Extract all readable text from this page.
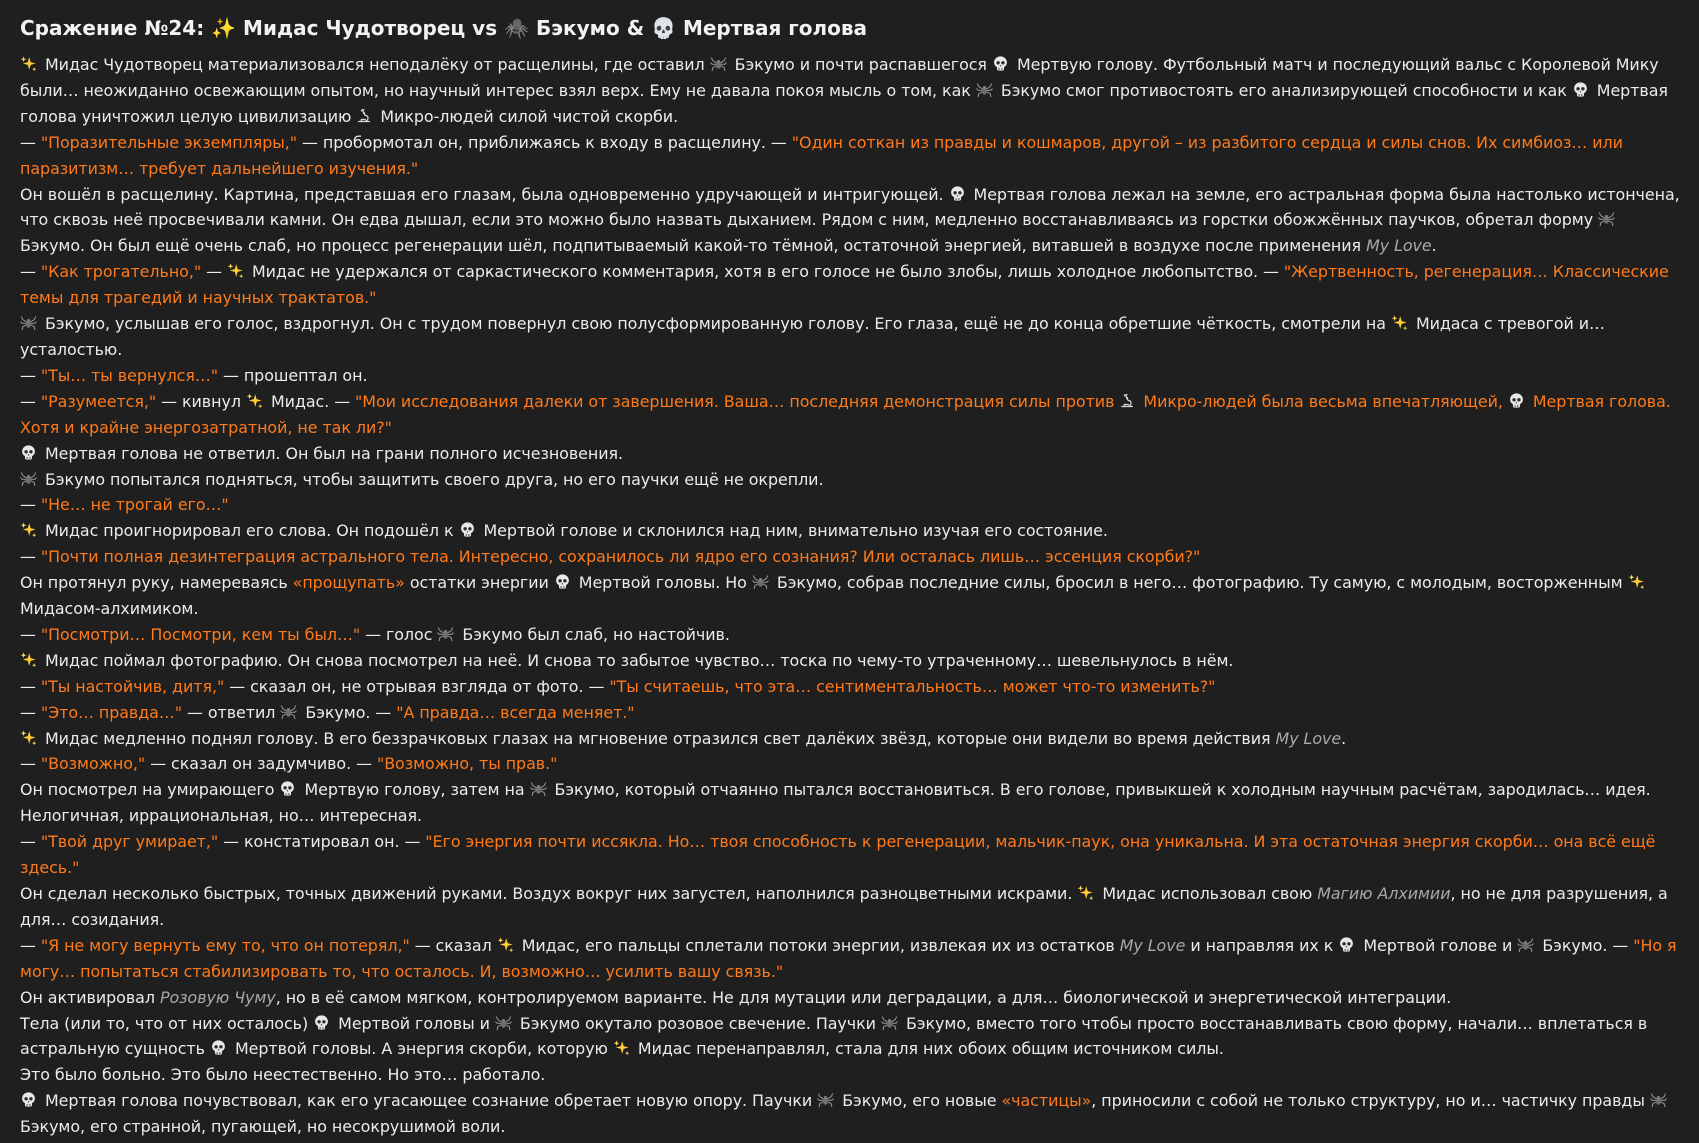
Сражение №24: ✨ Мидас Чудотворец vs 🕷️ Бэкумо & 💀 Мертвая голова

Мидас Чудотворец материализовался неподалёку от расщелины, где оставил  Бэкумо и почти распавшегося  Мертвую голову. Футбольный матч и последующий вальс с Королевой Мику были… неожиданно освежающим опытом, но научный интерес взял верх. Ему не давала покоя мысль о том, как  Бэкумо смог противостоять его анализирующей способности и как  Мертвая голова уничтожил целую цивилизацию  Микро-людей силой чистой скорби.

— "Поразительные экземпляры," — пробормотал он, приближаясь к входу в расщелину. — "Один соткан из правды и кошмаров, другой – из разбитого сердца и силы снов. Их симбиоз… или паразитизм… требует дальнейшего изучения."

Он вошёл в расщелину. Картина, представшая его глазам, была одновременно удручающей и интригующей.  Мертвая голова лежал на земле, его астральная форма была настолько истончена, что сквозь неё просвечивали камни. Он едва дышал, если это можно было назвать дыханием. Рядом с ним, медленно восстанавливаясь из горстки обожжённых паучков, обретал форму  Бэкумо. Он был ещё очень слаб, но процесс регенерации шёл, подпитываемый какой-то тёмной, остаточной энергией, витавшей в воздухе после применения My Love.

— "Как трогательно," —  Мидас не удержался от саркастического комментария, хотя в его голосе не было злобы, лишь холодное любопытство. — "Жертвенность, регенерация… Классические темы для трагедий и научных трактатов."

Бэкумо, услышав его голос, вздрогнул. Он с трудом повернул свою полусформированную голову. Его глаза, ещё не до конца обретшие чёткость, смотрели на  Мидаса с тревогой и… усталостью.

— "Ты… ты вернулся…" — прошептал он.

— "Разумеется," — кивнул  Мидас. — "Мои исследования далеки от завершения. Ваша… последняя демонстрация силы против  Микро-людей была весьма впечатляющей,  Мертвая голова. Хотя и крайне энергозатратной, не так ли?"

Мертвая голова не ответил. Он был на грани полного исчезновения.

Бэкумо попытался подняться, чтобы защитить своего друга, но его паучки ещё не окрепли.

— "Не… не трогай его…"

Мидас проигнорировал его слова. Он подошёл к  Мертвой голове и склонился над ним, внимательно изучая его состояние.

— "Почти полная дезинтеграция астрального тела. Интересно, сохранилось ли ядро его сознания? Или осталась лишь… эссенция скорби?"

Он протянул руку, намереваясь «прощупать» остатки энергии  Мертвой головы. Но  Бэкумо, собрав последние силы, бросил в него… фотографию. Ту самую, с молодым, восторженным  Мидасом-алхимиком.

— "Посмотри… Посмотри, кем ты был…" — голос  Бэкумо был слаб, но настойчив.

Мидас поймал фотографию. Он снова посмотрел на неё. И снова то забытое чувство… тоска по чему-то утраченному… шевельнулось в нём.

— "Ты настойчив, дитя," — сказал он, не отрывая взгляда от фото. — "Ты считаешь, что эта… сентиментальность… может что-то изменить?"

— "Это… правда…" — ответил  Бэкумо. — "А правда… всегда меняет."

Мидас медленно поднял голову. В его беззрачковых глазах на мгновение отразился свет далёких звёзд, которые они видели во время действия My Love.

— "Возможно," — сказал он задумчиво. — "Возможно, ты прав."

Он посмотрел на умирающего  Мертвую голову, затем на  Бэкумо, который отчаянно пытался восстановиться. В его голове, привыкшей к холодным научным расчётам, зародилась… идея. Нелогичная, иррациональная, но… интересная.

— "Твой друг умирает," — констатировал он. — "Его энергия почти иссякла. Но… твоя способность к регенерации, мальчик-паук, она уникальна. И эта остаточная энергия скорби… она всё ещё здесь."

Он сделал несколько быстрых, точных движений руками. Воздух вокруг них загустел, наполнился разноцветными искрами.  Мидас использовал свою Магию Алхимии, но не для разрушения, а для… созидания.

— "Я не могу вернуть ему то, что он потерял," — сказал  Мидас, его пальцы сплетали потоки энергии, извлекая их из остатков My Love и направляя их к  Мертвой голове и  Бэкумо. — "Но я могу… попытаться стабилизировать то, что осталось. И, возможно… усилить вашу связь."

Он активировал Розовую Чуму, но в её самом мягком, контролируемом варианте. Не для мутации или деградации, а для… биологической и энергетической интеграции.

Тела (или то, что от них осталось)  Мертвой головы и  Бэкумо окутало розовое свечение. Паучки  Бэкумо, вместо того чтобы просто восстанавливать свою форму, начали… вплетаться в астральную сущность  Мертвой головы. А энергия скорби, которую  Мидас перенаправлял, стала для них обоих общим источником силы.

Это было больно. Это было неестественно. Но это… работало.

Мертвая голова почувствовал, как его угасающее сознание обретает новую опору. Паучки  Бэкумо, его новые «частицы», приносили с собой не только структуру, но и… частичку правды  Бэкумо, его странной, пугающей, но несокрушимой воли.
